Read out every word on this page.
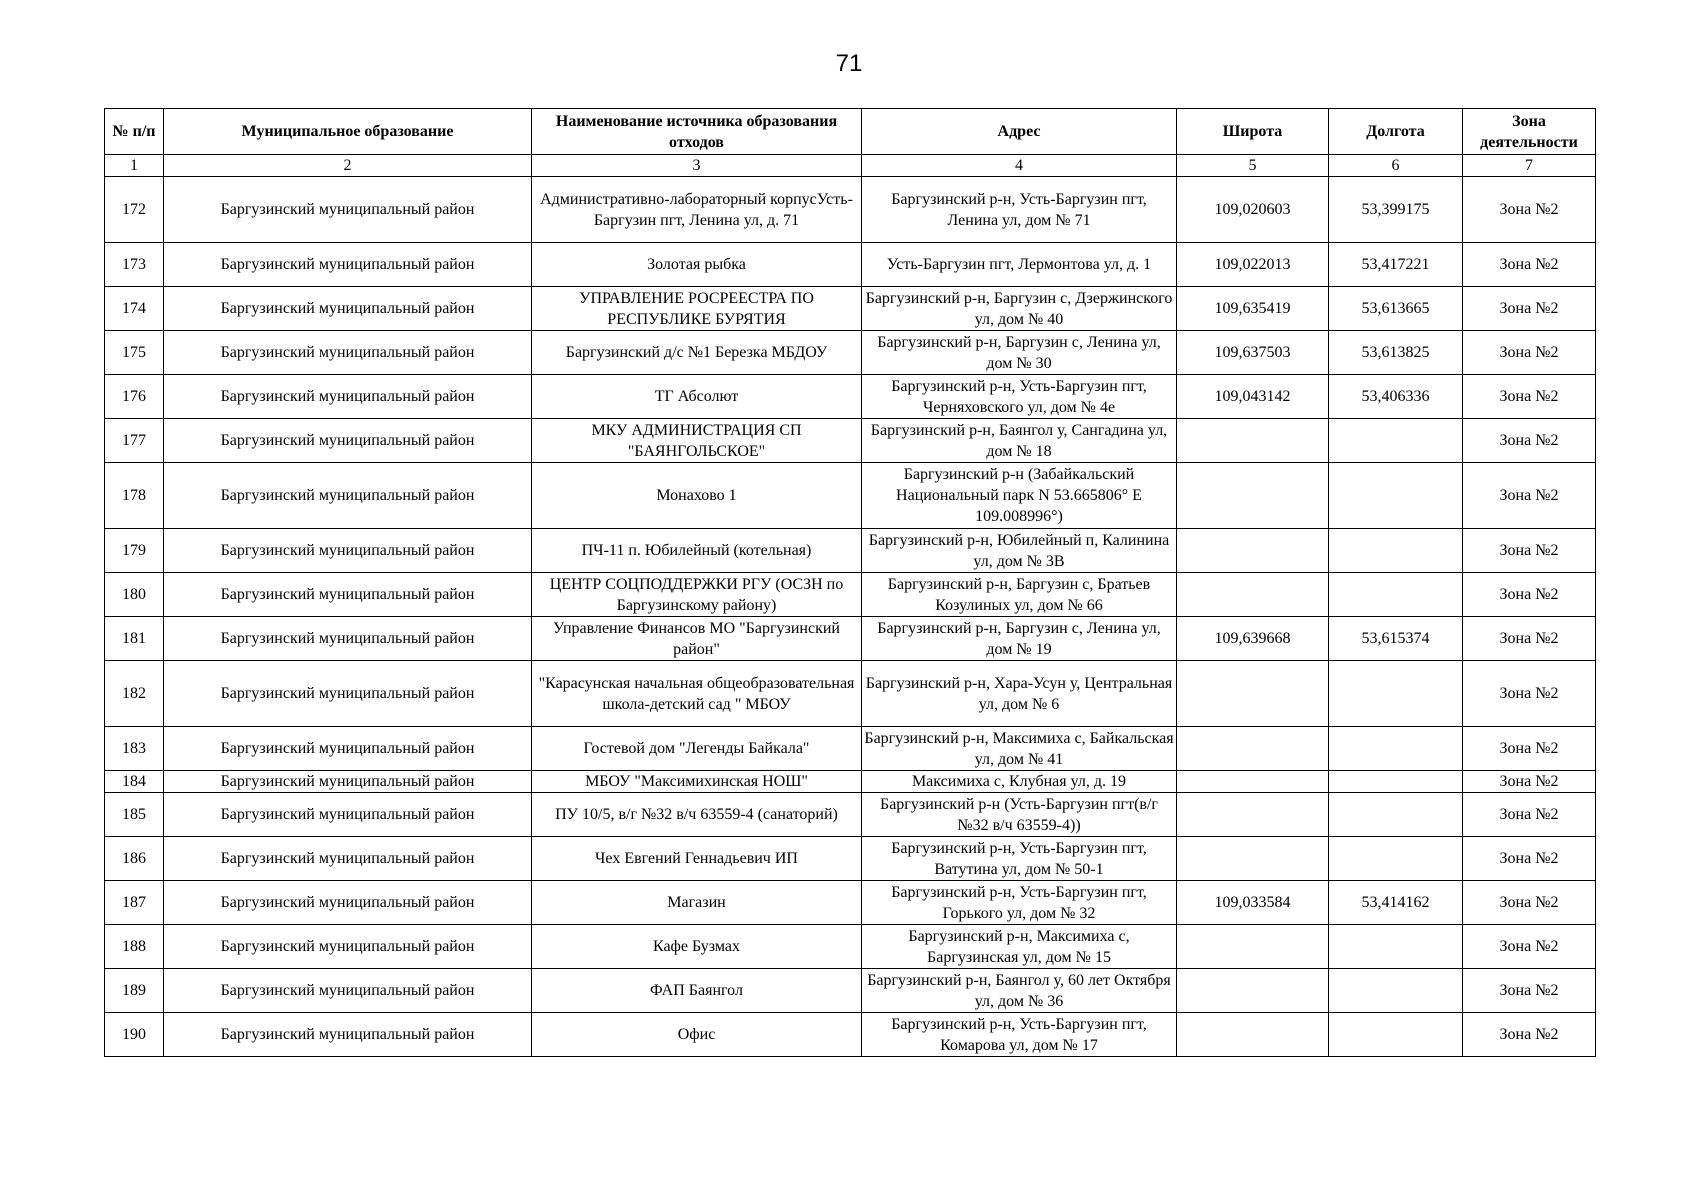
71
№ п/п	Муниципальное образование	Наименование источника образования отходов	Адрес	Широта	Долгота	Зона деятельности
1	2	3	4	5	6	7
172	Баргузинский муниципальный район	Административно-лабораторный корпусУсть-Баргузин пгт, Ленина ул, д. 71	Баргузинский р-н, Усть-Баргузин пгт, Ленина ул, дом № 71	109,020603	53,399175	Зона №2
173	Баргузинский муниципальный район	Золотая рыбка	Усть-Баргузин пгт, Лермонтова ул, д. 1	109,022013	53,417221	Зона №2
174	Баргузинский муниципальный район	УПРАВЛЕНИЕ РОСРЕЕСТРА ПО РЕСПУБЛИКЕ БУРЯТИЯ	Баргузинский р-н, Баргузин с, Дзержинского ул, дом № 40	109,635419	53,613665	Зона №2
175	Баргузинский муниципальный район	Баргузинский д/с №1 Березка МБДОУ	Баргузинский р-н, Баргузин с, Ленина ул, дом № 30	109,637503	53,613825	Зона №2
176	Баргузинский муниципальный район	ТГ Абсолют	Баргузинский р-н, Усть-Баргузин пгт, Черняховского ул, дом № 4е	109,043142	53,406336	Зона №2
177	Баргузинский муниципальный район	МКУ АДМИНИСТРАЦИЯ СП "БАЯНГОЛЬСКОЕ"	Баргузинский р-н, Баянгол у, Сангадина ул, дом № 18			Зона №2
178	Баргузинский муниципальный район	Монахово 1	Баргузинский р-н (Забайкальский Национальный парк N 53.665806° E 109.008996°)			Зона №2
179	Баргузинский муниципальный район	ПЧ-11 п. Юбилейный (котельная)	Баргузинский р-н, Юбилейный п, Калинина ул, дом № 3В			Зона №2
180	Баргузинский муниципальный район	ЦЕНТР СОЦПОДДЕРЖКИ РГУ (ОСЗН по Баргузинскому району)	Баргузинский р-н, Баргузин с, Братьев Козулиных ул, дом № 66			Зона №2
181	Баргузинский муниципальный район	Управление Финансов МО "Баргузинский район"	Баргузинский р-н, Баргузин с, Ленина ул, дом № 19	109,639668	53,615374	Зона №2
182	Баргузинский муниципальный район	"Карасунская начальная общеобразовательная школа-детский сад " МБОУ	Баргузинский р-н, Хара-Усун у, Центральная ул, дом № 6			Зона №2
183	Баргузинский муниципальный район	Гостевой дом "Легенды Байкала"	Баргузинский р-н, Максимиха с, Байкальская ул, дом № 41			Зона №2
184	Баргузинский муниципальный район	МБОУ "Максимихинская НОШ"	Максимиха с, Клубная ул, д. 19			Зона №2
185	Баргузинский муниципальный район	ПУ 10/5, в/г №32 в/ч 63559-4 (санаторий)	Баргузинский р-н (Усть-Баргузин пгт(в/г №32 в/ч 63559-4))			Зона №2
186	Баргузинский муниципальный район	Чех Евгений Геннадьевич ИП	Баргузинский р-н, Усть-Баргузин пгт, Ватутина ул, дом № 50-1			Зона №2
187	Баргузинский муниципальный район	Магазин	Баргузинский р-н, Усть-Баргузин пгт, Горького ул, дом № 32	109,033584	53,414162	Зона №2
188	Баргузинский муниципальный район	Кафе Бузмах	Баргузинский р-н, Максимиха с, Баргузинская ул, дом № 15			Зона №2
189	Баргузинский муниципальный район	ФАП Баянгол	Баргузинский р-н, Баянгол у, 60 лет Октября ул, дом № 36			Зона №2
190	Баргузинский муниципальный район	Офис	Баргузинский р-н, Усть-Баргузин пгт, Комарова ул, дом № 17			Зона №2
